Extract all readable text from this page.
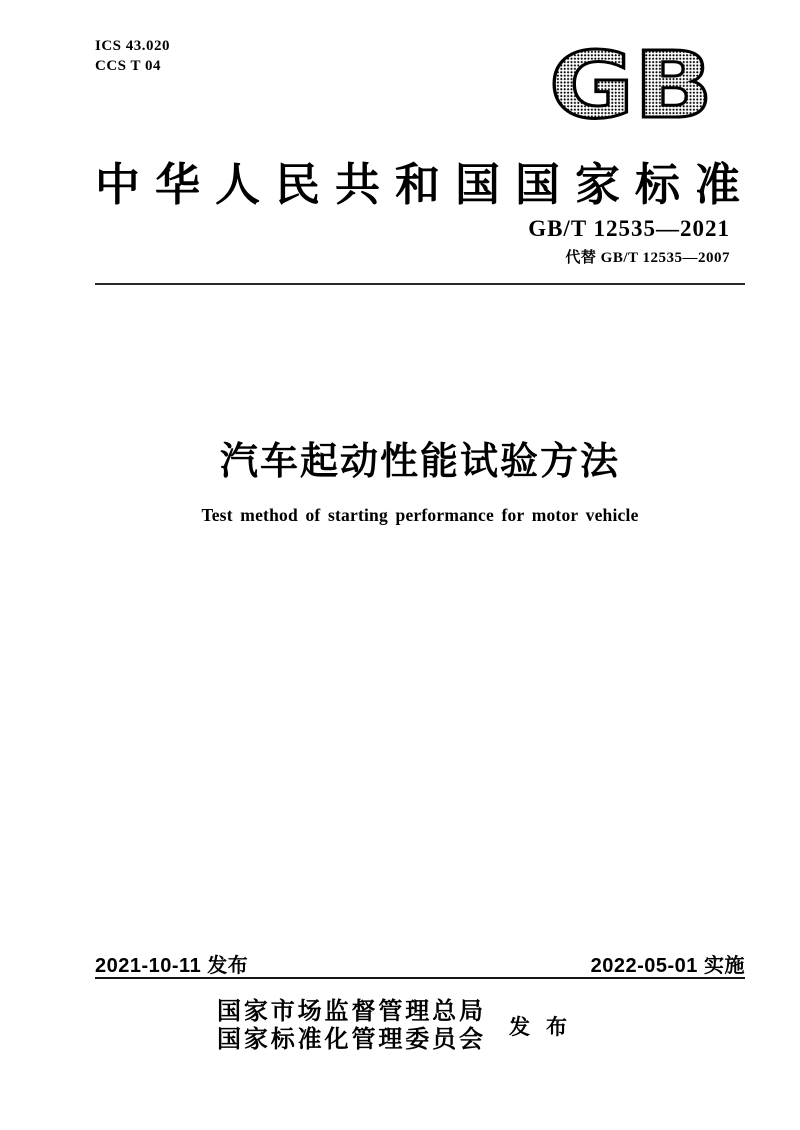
ICS 43.020
CCS T 04	GB
中华人民共和国国家标准
GB/T 12535—2021
代替 GB/T 12535—2007
汽车起动性能试验方法
Test method of starting performance for motor vehicle
2021-10-11 发布	2022-05-01 实施
国家市场监督管理总局
国家标准化管理委员会 发布
